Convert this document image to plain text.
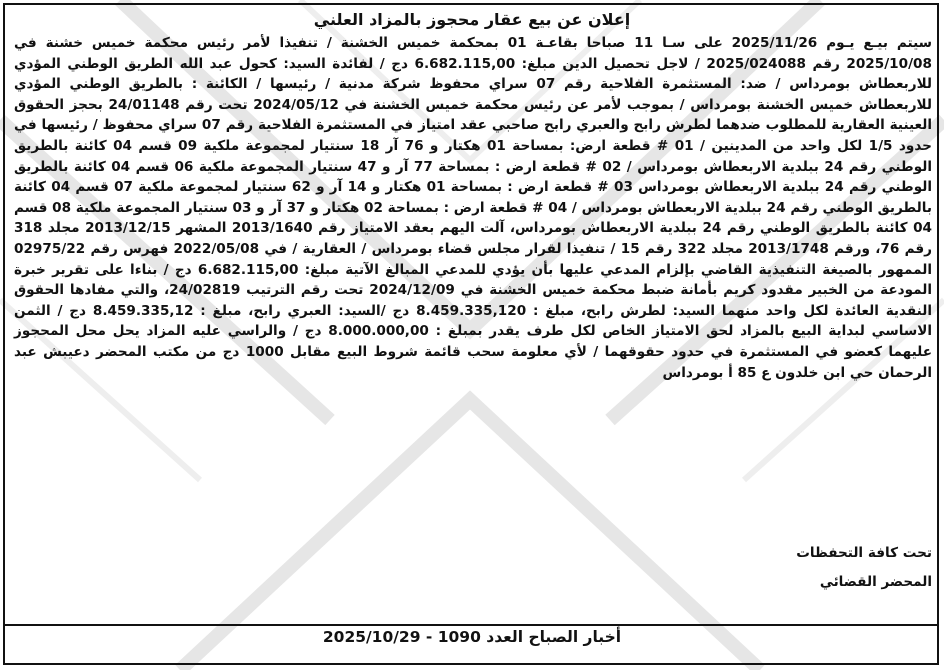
إعلان عن بيع عقار محجوز بالمزاد العلني

سيتم بيـع يـوم 2025/11/26 على سـا 11 صباحا بقاعـة 01 بمحكمة خميس الخشنة / تنفيذا لأمر رئيس محكمة خميس خشنة في 2025/10/08 رقم 2025/024088 / لاجل تحصيل الدين مبلغ: 6.682.115,00 دج / لفائدة السيد: كحول عبد الله الطريق الوطني المؤدي للاربعطاش بومرداس / ضد: المستثمرة الفلاحية رقم 07 سراي محفوظ شركة مدنية / رئيسها / الكائنة : بالطريق الوطني المؤدي للاربعطاش خميس الخشنة بومرداس / بموجب لأمر عن رئيس محكمة خميس الخشنة في 2024/05/12 تحت رقم 24/01148 بحجز الحقوق العينية العقارية للمطلوب ضدهما لطرش رابح والعبري رابح صاحبي عقد امتياز في المستثمرة الفلاحية رقم 07 سراي محفوظ / رئيسها في حدود 1/5 لكل واحد من المدينين / 01 # قطعة ارض: بمساحة 01 هكتار و 76 آر 18 سنتيار لمجموعة ملكية 09 قسم 04 كائنة بالطريق الوطني رقم 24 ببلدية الاربعطاش بومرداس / 02 # قطعة ارض : بمساحة 77 آر و 47 سنتيار المجموعة ملكية 06 قسم 04 كائنة بالطريق الوطني رقم 24 ببلدية الاربعطاش بومرداس 03 # قطعة ارض : بمساحة 01 هكتار و 14 آر و 62 سنتيار لمجموعة ملكية 07 قسم 04 كائنة بالطريق الوطني رقم 24 ببلدية الاربعطاش بومرداس / 04 # قطعة ارض : بمساحة 02 هكتار و 37 آر و 03 سنتيار المجموعة ملكية 08 قسم 04 كائنة بالطريق الوطني رقم 24 ببلدية الاربعطاش بومرداس، آلت اليهم بعقد الامتياز رقم 2013/1640 المشهر 2013/12/15 مجلد 318 رقم 76، ورقم 2013/1748 مجلد 322 رقم 15 / تنفيذا لقرار مجلس قضاء بومرداس / العقارية / في 2022/05/08 فهرس رقم 02975/22 الممهور بالصيغة التنفيذية القاضي بإلزام المدعي عليها بأن يؤدي للمدعي المبالغ الآتية مبلغ: 6.682.115,00 دج / بناءا على تقرير خبرة المودعة من الخبير مقدود كريم بأمانة ضبط محكمة خميس الخشنة في 2024/12/09 تحت رقم الترتيب 24/02819، والتي مفادها الحقوق النقدية العائدة لكل واحد منهما السيد: لطرش رابح، مبلغ : 8.459.335,120 دج /السيد: العبري رابح، مبلغ : 8.459.335,12 دج / الثمن الاساسي لبداية البيع بالمزاد لحق الامتياز الخاص لكل طرف يقدر بمبلغ : 8.000.000,00 دج / والراسي عليه المزاد يحل محل المحجوز عليهما كعضو في المستثمرة في حدود حقوقهما / لأي معلومة سحب قائمة شروط البيع مقابل 1000 دج من مكتب المحضر دعيبش عبد الرحمان حي ابن خلدون ع 85 أ بومرداس

تحت كافة التحفظات
المحضر القضائي
أخبار الصباح العدد 1090 - 2025/10/29
